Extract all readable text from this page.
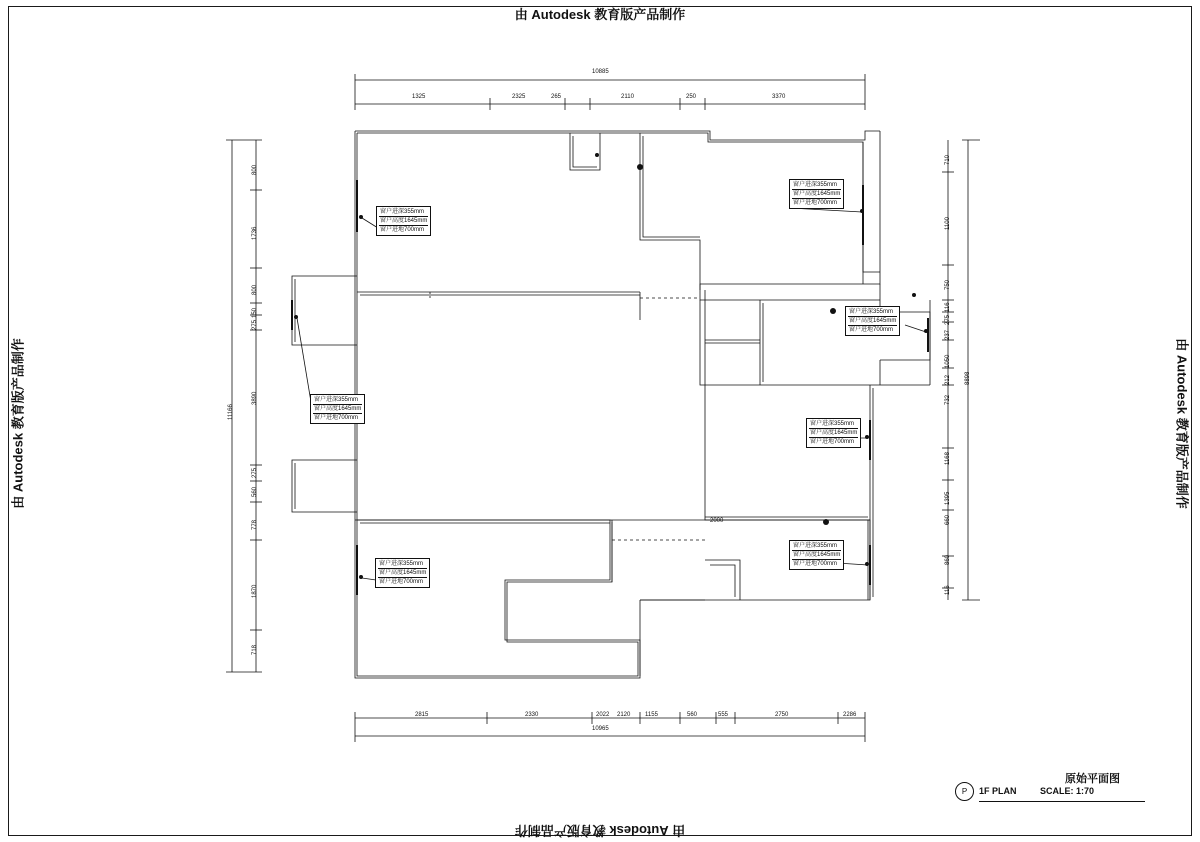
由 Autodesk 教育版产品制作
由 Autodesk 教育版产品制作
由 Autodesk 教育版产品制作	由 Autodesk 教育版产品制作
10885
1325	2325	265	2110	250	3370
2815	2330	2022 2120 1155	560	555	2750	2286
10965
11166
800
1736
800
150
275
3890
275
560
778
1870
718
8898
710
1100
750
116
275
237
1050
212
732
1168
1395
660
860
116
2000
窗户进深355mm
窗户高度1645mm
窗户进地700mm
窗户进深355mm
窗户高度1645mm
窗户进地700mm
窗户进深355mm
窗户高度1645mm
窗户进地700mm
窗户进深355mm
窗户高度1645mm
窗户进地700mm
窗户进深355mm
窗户高度1645mm
窗户进地700mm
窗户进深355mm
窗户高度1645mm
窗户进地700mm
窗户进深355mm
窗户高度1645mm
窗户进地700mm
P
原始平面图
1F PLAN	SCALE: 1:70
